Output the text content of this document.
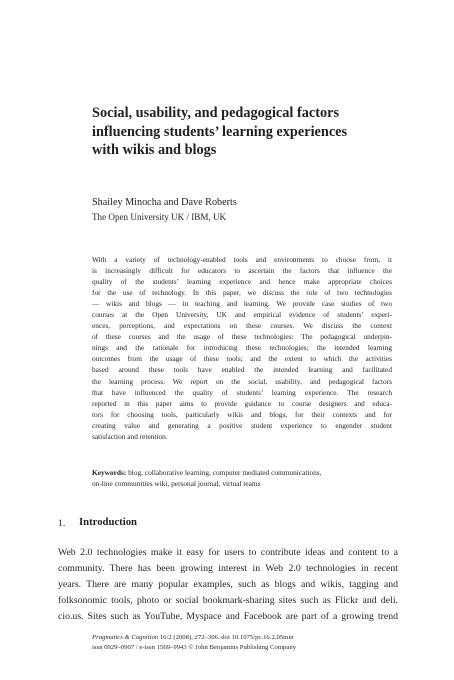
Social, usability, and pedagogical factors
influencing students’ learning experiences
with wikis and blogs

Shailey Minocha and Dave Roberts

The Open University UK / IBM, UK

With a variety of technology-enabled tools and environments to choose from, it
is increasingly difficult for educators to ascertain the factors that influence the
quality of the students’ learning experience and hence make appropriate choices
for the use of technology. In this paper, we discuss the role of two technologies
— wikis and blogs — in teaching and learning. We provide case studies of two
courses at the Open University, UK and empirical evidence of students’ experi-
ences, perceptions, and expectations on these courses. We discuss the context
of these courses and the usage of these technologies: The pedagogical underpin-
nings and the rationale for introducing these technologies; the intended learning
outcomes from the usage of these tools; and the extent to which the activities
based around these tools have enabled the intended learning and facilitated
the learning process. We report on the social, usability, and pedagogical factors
that have influenced the quality of students’ learning experience. The research
reported in this paper aims to provide guidance to course designers and educa-
tors for choosing tools, particularly wikis and blogs, for their contexts and for
creating value and generating a positive student experience to engender student
satisfaction and retention.
Keywords: blog, collaborative learning, computer mediated communications,
on-line communities wiki, personal journal, virtual teams
1. Introduction
Web 2.0 technologies make it easy for users to contribute ideas and content to a
community. There has been growing interest in Web 2.0 technologies in recent
years. There are many popular examples, such as blogs and wikis, tagging and
folksonomic tools, photo or social bookmark-sharing sites such as Flickr and deli.
cio.us. Sites such as YouTube, Myspace and Facebook are part of a growing trend
Pragmatics & Cognition 16:2 (2008), 272–306. doi 10.1075/pc.16.2.05min
issn 0929–0907 / e-issn 1569–9943 © John Benjamins Publishing Company
